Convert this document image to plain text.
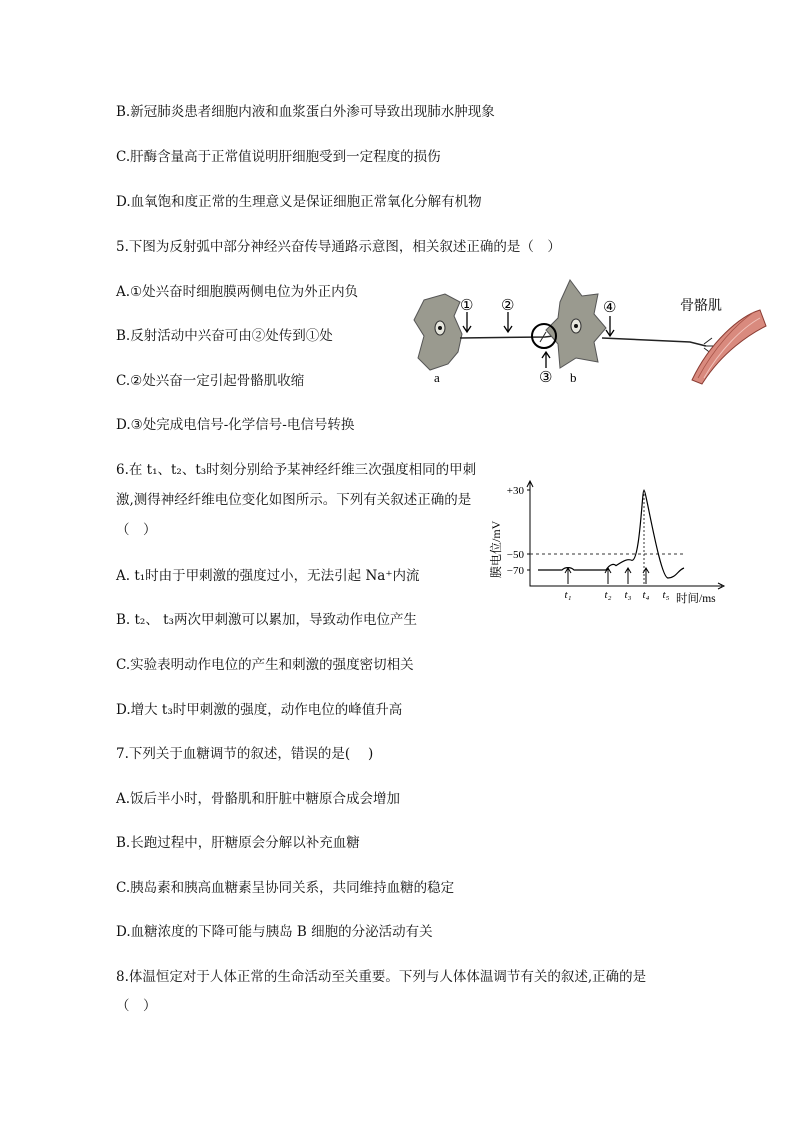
B.新冠肺炎患者细胞内液和血浆蛋白外渗可导致出现肺水肿现象
C.肝酶含量高于正常值说明肝细胞受到一定程度的损伤
D.血氧饱和度正常的生理意义是保证细胞正常氧化分解有机物
5.下图为反射弧中部分神经兴奋传导通路示意图，相关叙述正确的是（　）
A.①处兴奋时细胞膜两侧电位为外正内负
B.反射活动中兴奋可由②处传到①处
C.②处兴奋一定引起骨骼肌收缩
D.③处完成电信号-化学信号-电信号转换
① ②
③
④
a	b
骨骼肌
6.在 t₁、t₂、t₃时刻分别给予某神经纤维三次强度相同的甲刺
激,测得神经纤维电位变化如图所示。下列有关叙述正确的是
（　）
A. t₁时由于甲刺激的强度过小，无法引起 Na⁺内流
B. t₂、 t₃两次甲刺激可以累加，导致动作电位产生
C.实验表明动作电位的产生和刺激的强度密切相关
D.增大 t₃时甲刺激的强度，动作电位的峰值升高
+30
−50
−70
t₁	t₂ t₃ t₄ t₅
膜电位/mV
时间/ms
7.下列关于血糖调节的叙述，错误的是(　 )
A.饭后半小时，骨骼肌和肝脏中糖原合成会增加
B.长跑过程中，肝糖原会分解以补充血糖
C.胰岛素和胰高血糖素呈协同关系，共同维持血糖的稳定
D.血糖浓度的下降可能与胰岛 B 细胞的分泌活动有关
8.体温恒定对于人体正常的生命活动至关重要。下列与人体体温调节有关的叙述,正确的是
（　）
